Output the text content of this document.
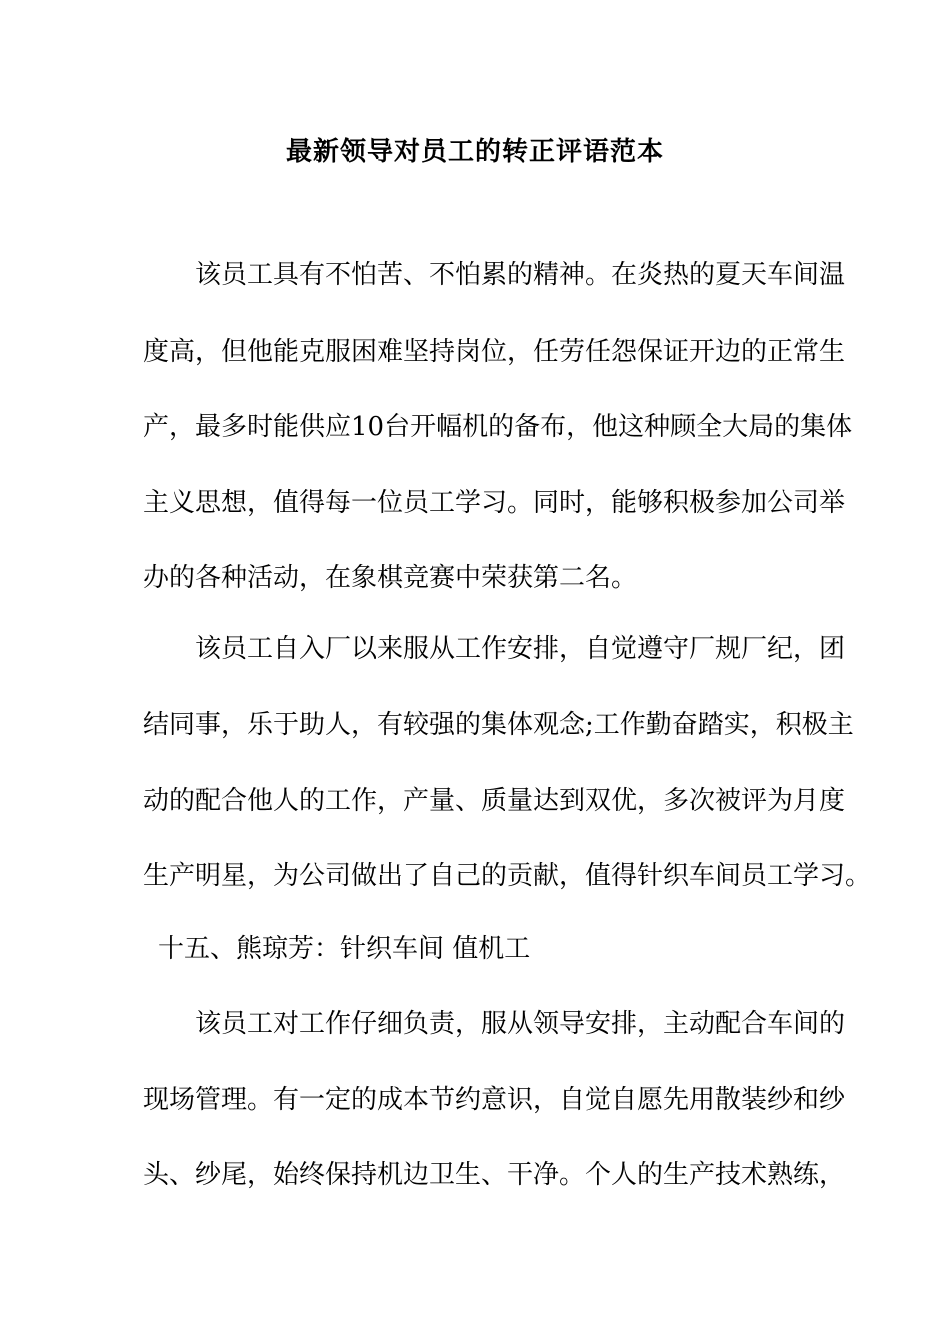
最新领导对员工的转正评语范本
该员工具有不怕苦、不怕累的精神。在炎热的夏天车间温
度高，但他能克服困难坚持岗位，任劳任怨保证开边的正常生
产，最多时能供应10台开幅机的备布，他这种顾全大局的集体
主义思想，值得每一位员工学习。同时，能够积极参加公司举
办的各种活动，在象棋竞赛中荣获第二名。
该员工自入厂以来服从工作安排，自觉遵守厂规厂纪，团
结同事，乐于助人，有较强的集体观念;工作勤奋踏实，积极主
动的配合他人的工作，产量、质量达到双优，多次被评为月度
生产明星，为公司做出了自己的贡献，值得针织车间员工学习。
十五、熊琼芳：针织车间 值机工
该员工对工作仔细负责，服从领导安排，主动配合车间的
现场管理。有一定的成本节约意识，自觉自愿先用散装纱和纱
头、纱尾，始终保持机边卫生、干净。个人的生产技术熟练，
